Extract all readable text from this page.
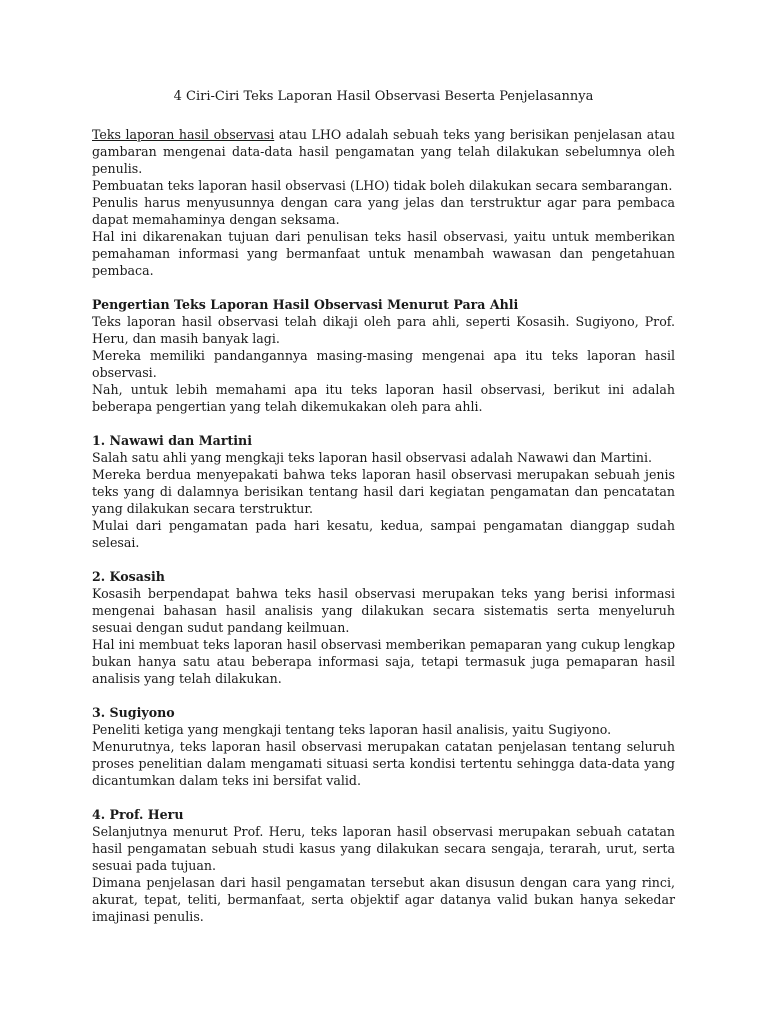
4 Ciri-Ciri Teks Laporan Hasil Observasi Beserta Penjelasannya

Teks laporan hasil observasi atau LHO adalah sebuah teks yang berisikan penjelasan atau gambaran mengenai data-data hasil pengamatan yang telah dilakukan sebelumnya oleh penulis.

Pembuatan teks laporan hasil observasi (LHO) tidak boleh dilakukan secara sembarangan.

Penulis harus menyusunnya dengan cara yang jelas dan terstruktur agar para pembaca dapat memahaminya dengan seksama.

Hal ini dikarenakan tujuan dari penulisan teks hasil observasi, yaitu untuk memberikan pemahaman informasi yang bermanfaat untuk menambah wawasan dan pengetahuan pembaca.

Pengertian Teks Laporan Hasil Observasi Menurut Para Ahli

Teks laporan hasil observasi telah dikaji oleh para ahli, seperti Kosasih. Sugiyono, Prof. Heru, dan masih banyak lagi.

Mereka memiliki pandangannya masing-masing mengenai apa itu teks laporan hasil observasi.

Nah, untuk lebih memahami apa itu teks laporan hasil observasi, berikut ini adalah beberapa pengertian yang telah dikemukakan oleh para ahli.

1. Nawawi dan Martini

Salah satu ahli yang mengkaji teks laporan hasil observasi adalah Nawawi dan Martini.

Mereka berdua menyepakati bahwa teks laporan hasil observasi merupakan sebuah jenis teks yang di dalamnya berisikan tentang hasil dari kegiatan pengamatan dan pencatatan yang dilakukan secara terstruktur.

Mulai dari pengamatan pada hari kesatu, kedua, sampai pengamatan dianggap sudah selesai.

2. Kosasih

Kosasih berpendapat bahwa teks hasil observasi merupakan teks yang berisi informasi mengenai bahasan hasil analisis yang dilakukan secara sistematis serta menyeluruh sesuai dengan sudut pandang keilmuan.

Hal ini membuat teks laporan hasil observasi memberikan pemaparan yang cukup lengkap bukan hanya satu atau beberapa informasi saja, tetapi termasuk juga pemaparan hasil analisis yang telah dilakukan.

3. Sugiyono

Peneliti ketiga yang mengkaji tentang teks laporan hasil analisis, yaitu Sugiyono.

Menurutnya, teks laporan hasil observasi merupakan catatan penjelasan tentang seluruh proses penelitian dalam mengamati situasi serta kondisi tertentu sehingga data-data yang dicantumkan dalam teks ini bersifat valid.

4. Prof. Heru

Selanjutnya menurut Prof. Heru, teks laporan hasil observasi merupakan sebuah catatan hasil pengamatan sebuah studi kasus yang dilakukan secara sengaja, terarah, urut, serta sesuai pada tujuan.

Dimana penjelasan dari hasil pengamatan tersebut akan disusun dengan cara yang rinci, akurat, tepat, teliti, bermanfaat, serta objektif agar datanya valid bukan hanya sekedar imajinasi penulis.
